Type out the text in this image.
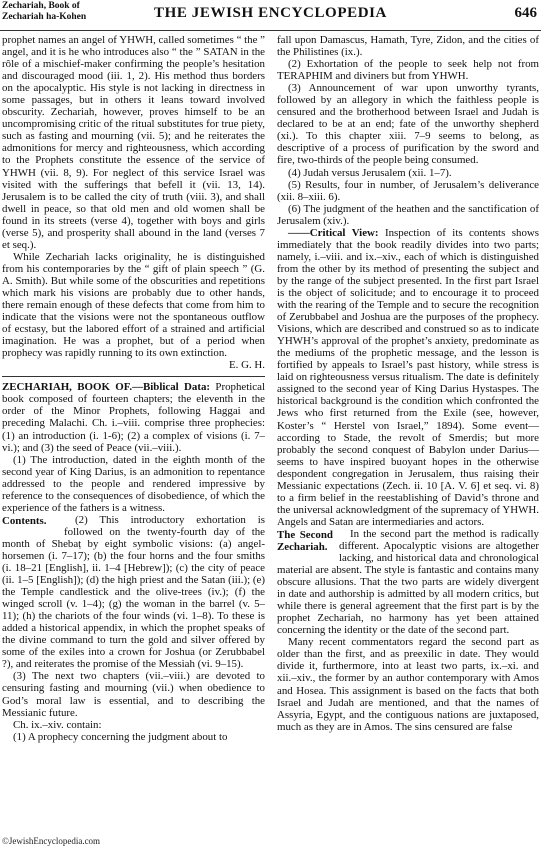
Zechariah, Book of
Zechariah ha-Kohen	THE JEWISH ENCYCLOPEDIA	646

prophet names an angel of YHWH, called sometimes “ the ” angel, and it is he who introduces also “ the ” SATAN in the rôle of a mischief-maker confirming the people’s hesitation and discouraged mood (iii. 1, 2). His method thus borders on the apocalyptic. His style is not lacking in directness in some passages, but in others it leans toward involved obscurity. Zechariah, however, proves himself to be an uncompromising critic of the ritual substitutes for true piety, such as fasting and mourning (vii. 5); and he reiterates the admonitions for mercy and righteousness, which according to the Prophets constitute the essence of the service of YHWH (vii. 8, 9). For neglect of this service Israel was visited with the sufferings that befell it (vii. 13, 14). Jerusalem is to be called the city of truth (viii. 3), and shall dwell in peace, so that old men and old women shall be found in its streets (verse 4), together with boys and girls (verse 5), and prosperity shall abound in the land (verses 7 et seq.).

While Zechariah lacks originality, he is distinguished from his contemporaries by the “ gift of plain speech ” (G. A. Smith). But while some of the obscurities and repetitions which mark his visions are probably due to other hands, there remain enough of these defects that come from him to indicate that the visions were not the spontaneous outflow of ecstasy, but the labored effort of a strained and artificial imagination. He was a prophet, but of a period when prophecy was rapidly running to its own extinction.

E. G. H.

ZECHARIAH, BOOK OF.—Biblical Data: Prophetical book composed of fourteen chapters; the eleventh in the order of the Minor Prophets, following Haggai and preceding Malachi. Ch. i.–viii. comprise three prophecies: (1) an introduction (i. 1-6); (2) a complex of visions (i. 7–vi.); and (3) the seed of Peace (vii.–viii.).

(1) The introduction, dated in the eighth month of the second year of King Darius, is an admonition to repentance addressed to the people and rendered impressive by reference to the consequences of disobedience, of which the experience of the fathers is a witness.

Contents.	(2) This introductory exhortation is followed on the twenty-fourth day of the month of Shebaṭ by eight symbolic visions: (a) angel-horsemen (i. 7–17); (b) the four horns and the four smiths (i. 18–21 [English], ii. 1–4 [Hebrew]); (c) the city of peace (ii. 1–5 [English]); (d) the high priest and the Satan (iii.); (e) the Temple candlestick and the olive-trees (iv.); (f) the winged scroll (v. 1–4); (g) the woman in the barrel (v. 5–11); (h) the chariots of the four winds (vi. 1–8). To these is added a historical appendix, in which the prophet speaks of the divine command to turn the gold and silver offered by some of the exiles into a crown for Joshua (or Zerubbabel ?), and reiterates the promise of the Messiah (vi. 9–15).

(3) The next two chapters (vii.–viii.) are devoted to censuring fasting and mourning (vii.) when obedience to God’s moral law is essential, and to describing the Messianic future.

Ch. ix.–xiv. contain:

(1) A prophecy concerning the judgment about to

fall upon Damascus, Hamath, Tyre, Zidon, and the cities of the Philistines (ix.).

(2) Exhortation of the people to seek help not from TERAPHIM and diviners but from YHWH.

(3) Announcement of war upon unworthy tyrants, followed by an allegory in which the faithless people is censured and the brotherhood between Israel and Judah is declared to be at an end; fate of the unworthy shepherd (xi.). To this chapter xiii. 7–9 seems to belong, as descriptive of a process of purification by the sword and fire, two-thirds of the people being consumed.

(4) Judah versus Jerusalem (xii. 1–7).

(5) Results, four in number, of Jerusalem’s deliverance (xii. 8–xiii. 6).

(6) The judgment of the heathen and the sanctification of Jerusalem (xiv.).

——Critical View: Inspection of its contents shows immediately that the book readily divides into two parts; namely, i.–viii. and ix.–xiv., each of which is distinguished from the other by its method of presenting the subject and by the range of the subject presented. In the first part Israel is the object of solicitude; and to encourage it to proceed with the rearing of the Temple and to secure the recognition of Zerubbabel and Joshua are the purposes of the prophecy. Visions, which are described and construed so as to indicate YHWH’s approval of the prophet’s anxiety, predominate as the mediums of the prophetic message, and the lesson is fortified by appeals to Israel’s past history, while stress is laid on righteousness versus ritualism. The date is definitely assigned to the second year of King Darius Hystaspes. The historical background is the condition which confronted the Jews who first returned from the Exile (see, however, Koster’s “ Herstel von Israel,” 1894). Some event—according to Stade, the revolt of Smerdis; but more probably the second conquest of Babylon under Darius—seems to have inspired buoyant hopes in the otherwise despondent congregation in Jerusalem, thus raising their Messianic expectations (Zech. ii. 10 [A. V. 6] et seq. vi. 8) to a firm belief in the reestablishing of David’s throne and the universal acknowledgment of the supremacy of YHWH. Angels and Satan are intermediaries and actors.

The Second Zechariah.
In the second part the method is radically different. Apocalyptic visions are altogether lacking, and historical data and chronological material are absent. The style is fantastic and contains many obscure allusions. That the two parts are widely divergent in date and authorship is admitted by all modern critics, but while there is general agreement that the first part is by the prophet Zechariah, no harmony has yet been attained concerning the identity or the date of the second part.

Many recent commentators regard the second part as older than the first, and as preexilic in date. They would divide it, furthermore, into at least two parts, ix.–xi. and xii.–xiv., the former by an author contemporary with Amos and Hosea. This assignment is based on the facts that both Israel and Judah are mentioned, and that the names of Assyria, Egypt, and the contiguous nations are juxtaposed, much as they are in Amos. The sins censured are false

©JewishEncyclopedia.com
